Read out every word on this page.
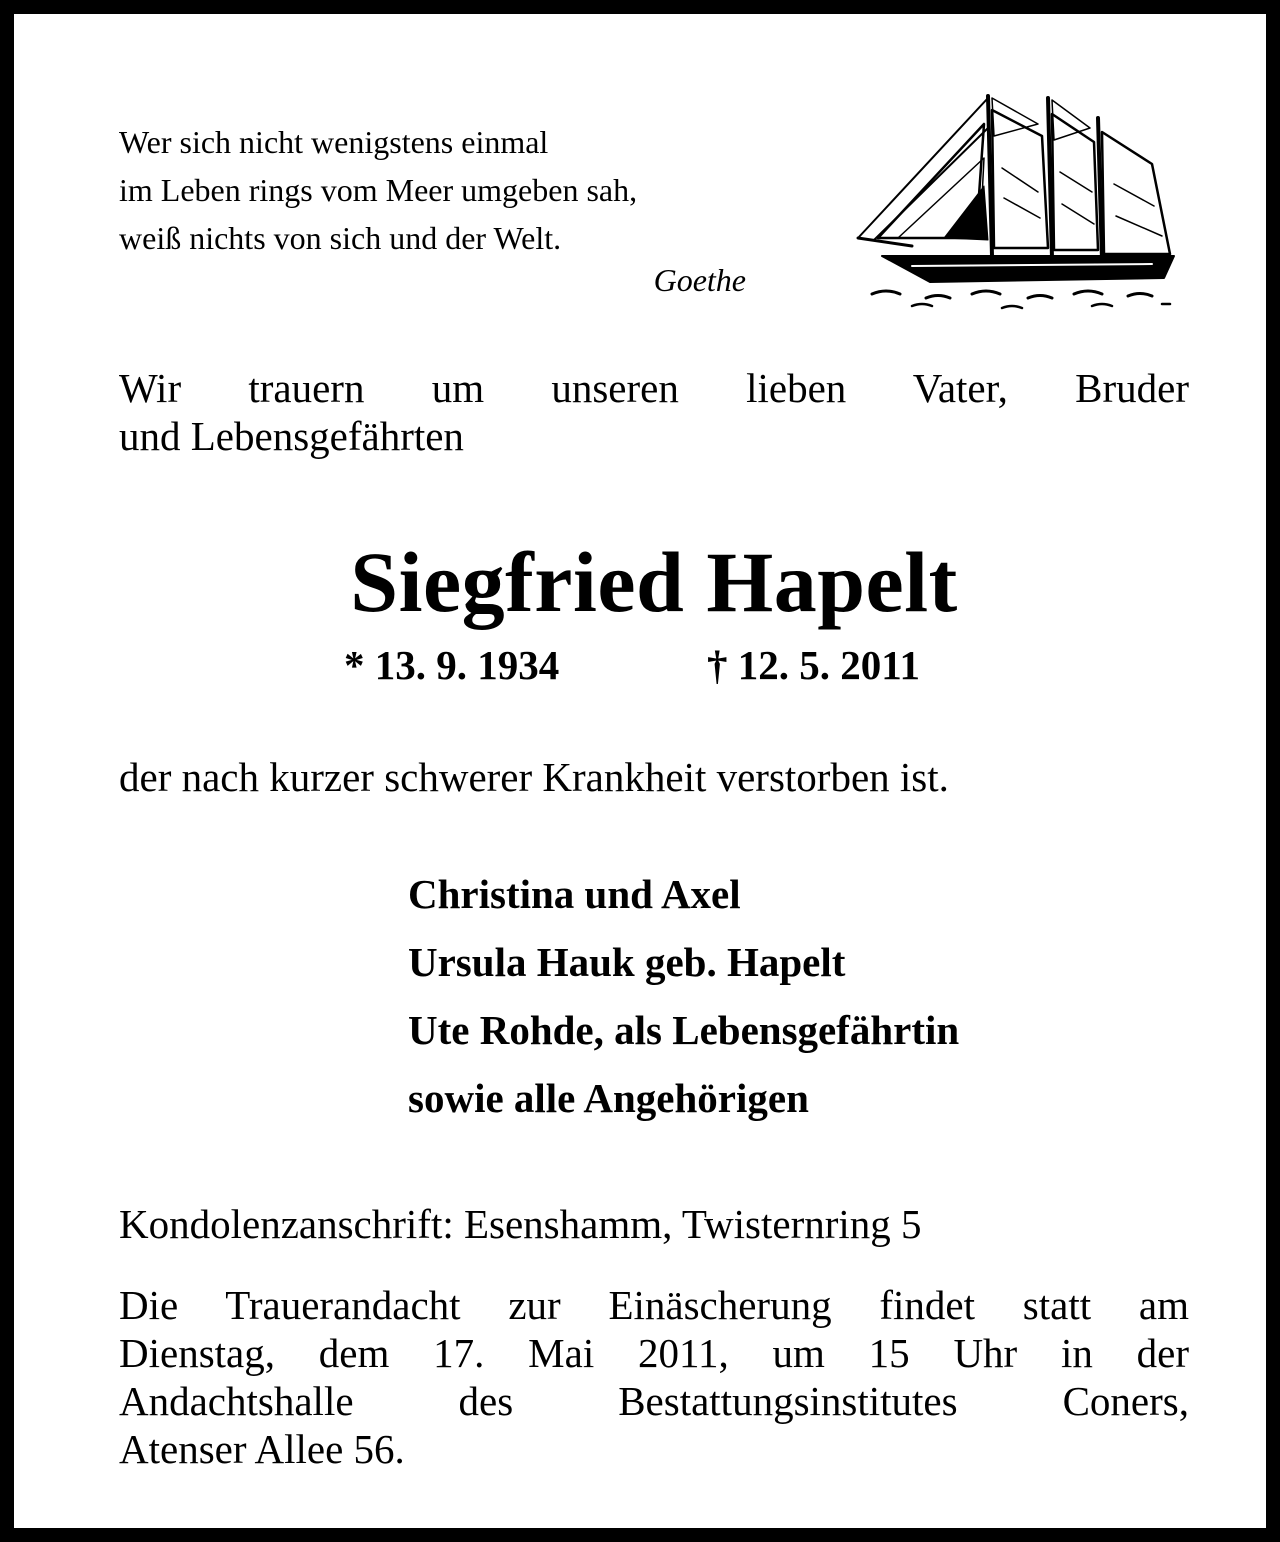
Wer sich nicht wenigstens einmal
im Leben rings vom Meer umgeben sah,
weiß nichts von sich und der Welt.
Goethe
Wir trauern um unseren lieben Vater, Bruder
und Lebensgefährten
Siegfried Hapelt
* 13. 9. 1934	† 12. 5. 2011
der nach kurzer schwerer Krankheit verstorben ist.
Christina und Axel
Ursula Hauk geb. Hapelt
Ute Rohde, als Lebensgefährtin
sowie alle Angehörigen
Kondolenzanschrift: Esenshamm, Twisternring 5
Die Trauerandacht zur Einäscherung findet statt am
Dienstag, dem 17. Mai 2011, um 15 Uhr in der
Andachtshalle des Bestattungsinstitutes Coners,
Atenser Allee 56.
